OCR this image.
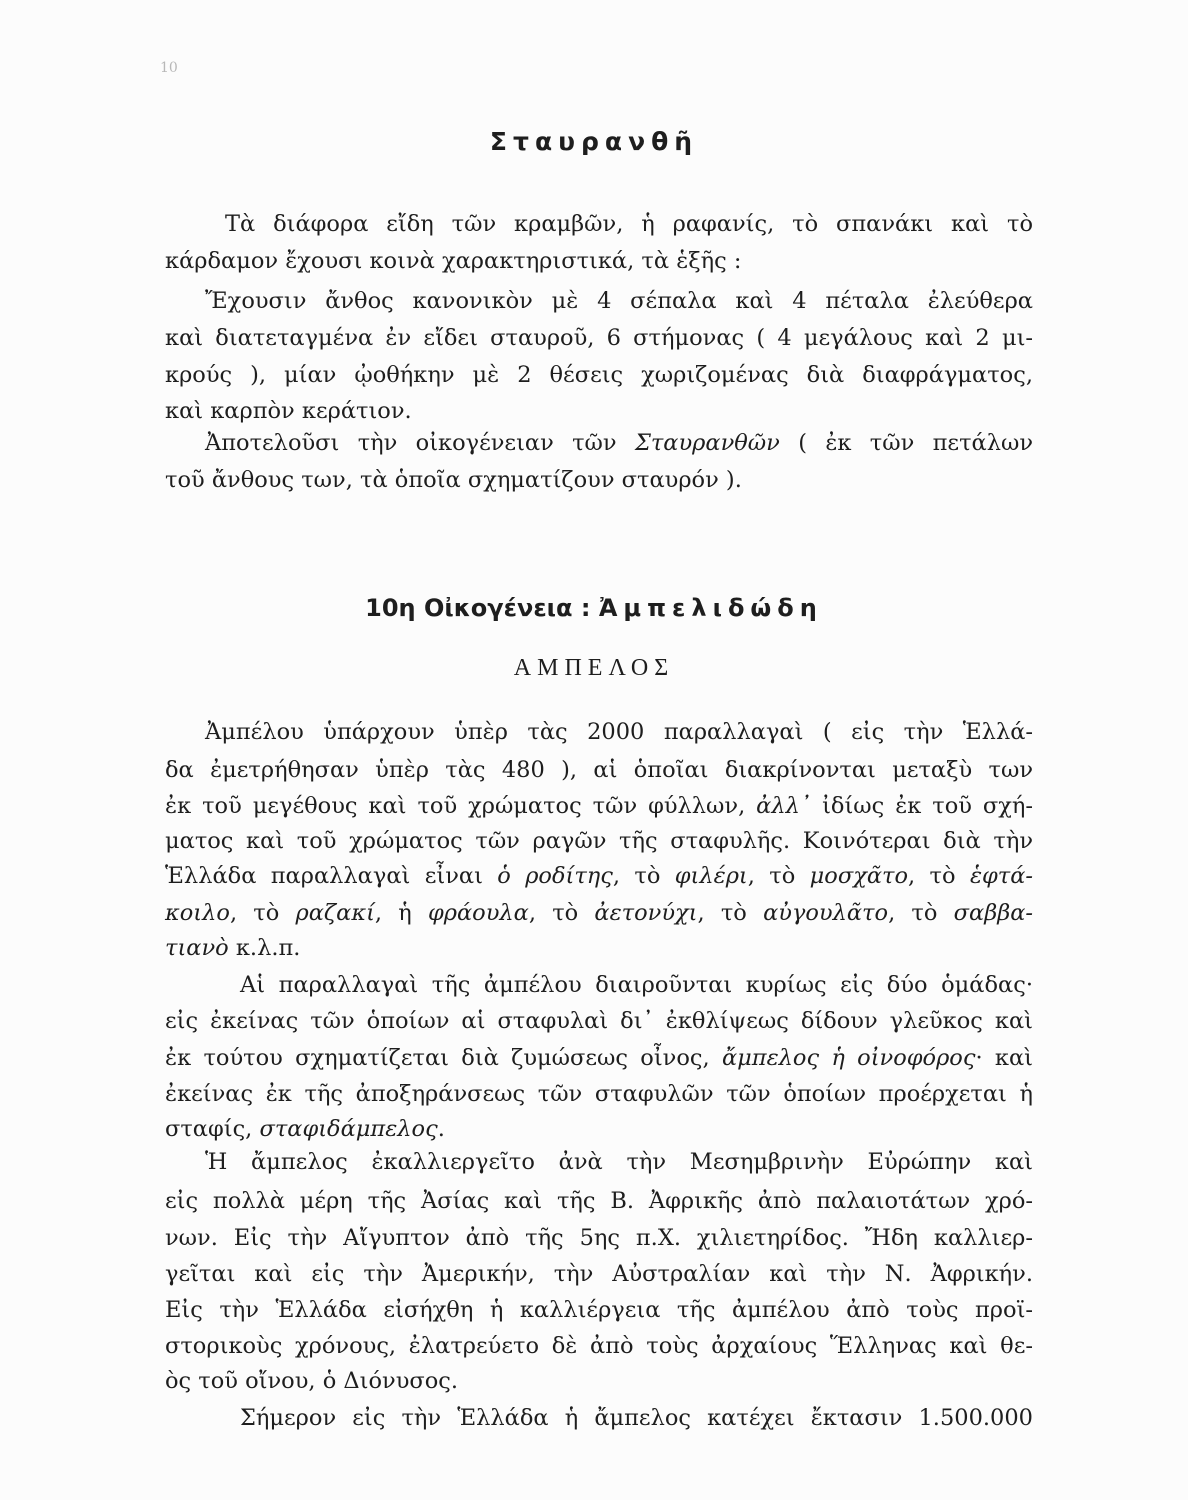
10
Σταυρανθῆ
Τὰ διάφορα εἴδη τῶν κραμβῶν, ἡ ραφανίς, τὸ σπανάκι καὶ τὸ
κάρδαμον ἔχουσι κοινὰ χαρακτηριστικά, τὰ ἑξῆς :
Ἔχουσιν ἄνθος κανονικὸν μὲ 4 σέπαλα καὶ 4 πέταλα ἐλεύθερα
καὶ διατεταγμένα ἐν εἴδει σταυροῦ, 6 στήμονας ( 4 μεγάλους καὶ 2 μι-
κρούς ), μίαν ᾠοθήκην μὲ 2 θέσεις χωριζομένας διὰ διαφράγματος,
καὶ καρπὸν κεράτιον.
Ἀποτελοῦσι τὴν οἰκογένειαν τῶν Σταυρανθῶν ( ἐκ τῶν πετάλων
τοῦ ἄνθους των, τὰ ὁποῖα σχηματίζουν σταυρόν ).
10η Οἰκογένεια : Ἀμπελιδώδη
ΑΜΠΕΛΟΣ
Ἀμπέλου ὑπάρχουν ὑπὲρ τὰς 2000 παραλλαγαὶ ( εἰς τὴν Ἑλλά-
δα ἐμετρήθησαν ὑπὲρ τὰς 480 ), αἱ ὁποῖαι διακρίνονται μεταξὺ των
ἐκ τοῦ μεγέθους καὶ τοῦ χρώματος τῶν φύλλων, ἀλλ᾽ ἰδίως ἐκ τοῦ σχή-
ματος καὶ τοῦ χρώματος τῶν ραγῶν τῆς σταφυλῆς. Κοινότεραι διὰ τὴν
Ἑλλάδα παραλλαγαὶ εἶναι ὁ ροδίτης, τὸ φιλέρι, τὸ μοσχᾶτο, τὸ ἑφτά-
κοιλο, τὸ ραζακί, ἡ φράουλα, τὸ ἀετονύχι, τὸ αὐγουλᾶτο, τὸ σαββα-
τιανὸ κ.λ.π.
Αἱ παραλλαγαὶ τῆς ἀμπέλου διαιροῦνται κυρίως εἰς δύο ὁμάδας·
εἰς ἐκείνας τῶν ὁποίων αἱ σταφυλαὶ δι᾽ ἐκθλίψεως δίδουν γλεῦκος καὶ
ἐκ τούτου σχηματίζεται διὰ ζυμώσεως οἶνος, ἄμπελος ἡ οἰνοφόρος· καὶ
ἐκείνας ἐκ τῆς ἀποξηράνσεως τῶν σταφυλῶν τῶν ὁποίων προέρχεται ἡ
σταφίς, σταφιδάμπελος.
Ἡ ἄμπελος ἐκαλλιεργεῖτο ἀνὰ τὴν Μεσημβρινὴν Εὐρώπην καὶ
εἰς πολλὰ μέρη τῆς Ἀσίας καὶ τῆς Β. Ἀφρικῆς ἀπὸ παλαιοτάτων χρό-
νων. Εἰς τὴν Αἴγυπτον ἀπὸ τῆς 5ης π.Χ. χιλιετηρίδος. Ἤδη καλλιερ-
γεῖται καὶ εἰς τὴν Ἀμερικήν, τὴν Αὐστραλίαν καὶ τὴν Ν. Ἀφρικήν.
Εἰς τὴν Ἑλλάδα εἰσήχθη ἡ καλλιέργεια τῆς ἀμπέλου ἀπὸ τοὺς προϊ-
στορικοὺς χρόνους, ἐλατρεύετο δὲ ἀπὸ τοὺς ἀρχαίους Ἕλληνας καὶ θε-
ὸς τοῦ οἴνου, ὁ Διόνυσος.
Σήμερον εἰς τὴν Ἑλλάδα ἡ ἄμπελος κατέχει ἔκτασιν 1.500.000
